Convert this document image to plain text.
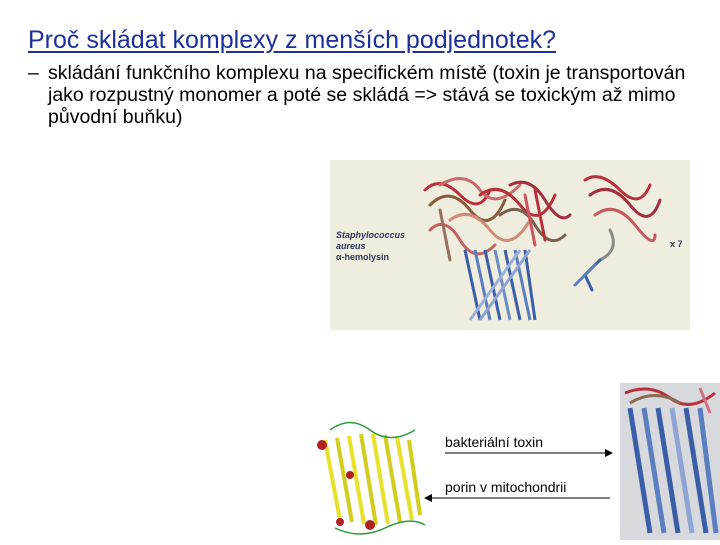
Proč skládat komplexy z menších podjednotek?
– skládání funkčního komplexu na specifickém místě (toxin je transportován jako rozpustný monomer a poté se skládá => stává se toxickým až mimo původní buňku)
Staphylococcus
aureus
α-hemolysin
x 7
bakteriální toxin
porin v mitochondrii
